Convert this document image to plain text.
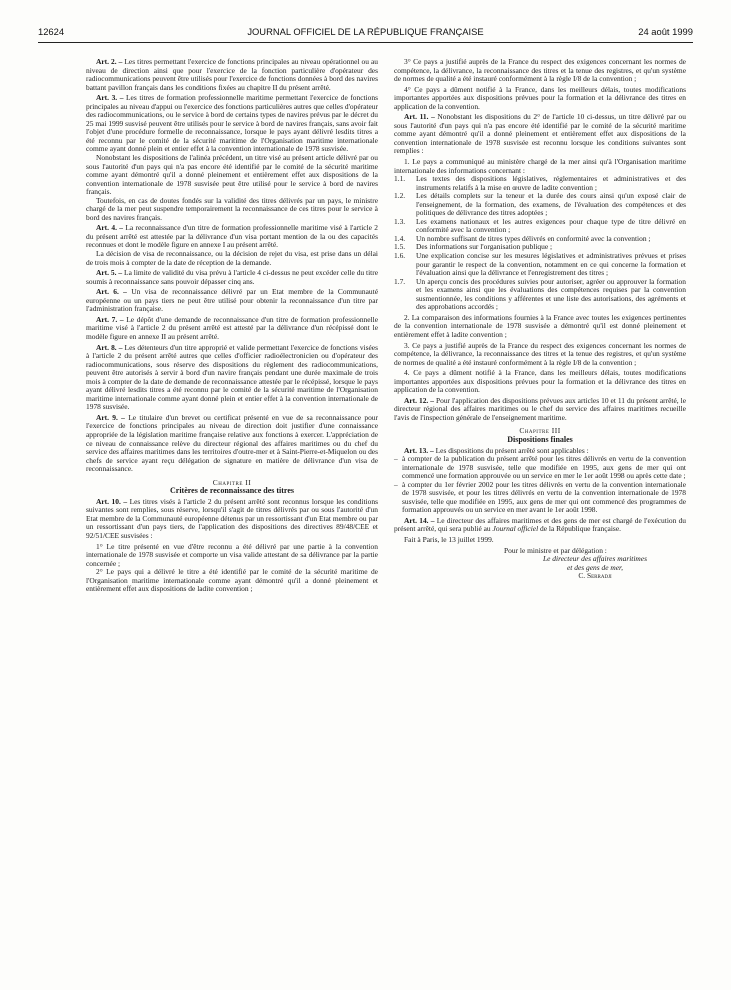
12624	JOURNAL OFFICIEL DE LA RÉPUBLIQUE FRANÇAISE	24 août 1999

Art. 2. – Les titres permettant l'exercice de fonctions principales au niveau opérationnel ou au niveau de direction ainsi que pour l'exercice de la fonction particulière d'opérateur des radiocommunications peuvent être utilisés pour l'exercice de fonctions données à bord des navires battant pavillon français dans les conditions fixées au chapitre II du présent arrêté.

Art. 3. – Les titres de formation professionnelle maritime permettant l'exercice de fonctions principales au niveau d'appui ou l'exercice des fonctions particulières autres que celles d'opérateur des radiocommunications, ou le service à bord de certains types de navires prévus par le décret du 25 mai 1999 susvisé peuvent être utilisés pour le service à bord de navires français, sans avoir fait l'objet d'une procédure formelle de reconnaissance, lorsque le pays ayant délivré lesdits titres a été reconnu par le comité de la sécurité maritime de l'Organisation maritime internationale comme ayant donné plein et entier effet à la convention internationale de 1978 susvisée.

Nonobstant les dispositions de l'alinéa précédent, un titre visé au présent article délivré par ou sous l'autorité d'un pays qui n'a pas encore été identifié par le comité de la sécurité maritime comme ayant démontré qu'il a donné pleinement et entièrement effet aux dispositions de la convention internationale de 1978 susvisée peut être utilisé pour le service à bord de navires français.

Toutefois, en cas de doutes fondés sur la validité des titres délivrés par un pays, le ministre chargé de la mer peut suspendre temporairement la reconnaissance de ces titres pour le service à bord des navires français.

Art. 4. – La reconnaissance d'un titre de formation professionnelle maritime visé à l'article 2 du présent arrêté est attestée par la délivrance d'un visa portant mention de la ou des capacités reconnues et dont le modèle figure en annexe I au présent arrêté.

La décision de visa de reconnaissance, ou la décision de rejet du visa, est prise dans un délai de trois mois à compter de la date de réception de la demande.

Art. 5. – La limite de validité du visa prévu à l'article 4 ci-dessus ne peut excéder celle du titre soumis à reconnaissance sans pouvoir dépasser cinq ans.

Art. 6. – Un visa de reconnaissance délivré par un Etat membre de la Communauté européenne ou un pays tiers ne peut être utilisé pour obtenir la reconnaissance d'un titre par l'administration française.

Art. 7. – Le dépôt d'une demande de reconnaissance d'un titre de formation professionnelle maritime visé à l'article 2 du présent arrêté est attesté par la délivrance d'un récépissé dont le modèle figure en annexe II au présent arrêté.

Art. 8. – Les détenteurs d'un titre approprié et valide permettant l'exercice de fonctions visées à l'article 2 du présent arrêté autres que celles d'officier radioélectronicien ou d'opérateur des radiocommunications, sous réserve des dispositions du règlement des radiocommunications, peuvent être autorisés à servir à bord d'un navire français pendant une durée maximale de trois mois à compter de la date de demande de reconnaissance attestée par le récépissé, lorsque le pays ayant délivré lesdits titres a été reconnu par le comité de la sécurité maritime de l'Organisation maritime internationale comme ayant donné plein et entier effet à la convention internationale de 1978 susvisée.

Art. 9. – Le titulaire d'un brevet ou certificat présenté en vue de sa reconnaissance pour l'exercice de fonctions principales au niveau de direction doit justifier d'une connaissance appropriée de la législation maritime française relative aux fonctions à exercer. L'appréciation de ce niveau de connaissance relève du directeur régional des affaires maritimes ou du chef du service des affaires maritimes dans les territoires d'outre-mer et à Saint-Pierre-et-Miquelon ou des chefs de service ayant reçu délégation de signature en matière de délivrance d'un visa de reconnaissance.

Chapitre II

Critères de reconnaissance des titres

Art. 10. – Les titres visés à l'article 2 du présent arrêté sont reconnus lorsque les conditions suivantes sont remplies, sous réserve, lorsqu'il s'agit de titres délivrés par ou sous l'autorité d'un Etat membre de la Communauté européenne détenus par un ressortissant d'un Etat membre ou par un ressortissant d'un pays tiers, de l'application des dispositions des directives 89/48/CEE et 92/51/CEE susvisées :

1° Le titre présenté en vue d'être reconnu a été délivré par une partie à la convention internationale de 1978 susvisée et comporte un visa valide attestant de sa délivrance par la partie concernée ;

2° Le pays qui a délivré le titre a été identifié par le comité de la sécurité maritime de l'Organisation maritime internationale comme ayant démontré qu'il a donné pleinement et entièrement effet aux dispositions de ladite convention ;

3° Ce pays a justifié auprès de la France du respect des exigences concernant les normes de compétence, la délivrance, la reconnaissance des titres et la tenue des registres, et qu'un système de normes de qualité a été instauré conformément à la règle I/8 de la convention ;

4° Ce pays a dûment notifié à la France, dans les meilleurs délais, toutes modifications importantes apportées aux dispositions prévues pour la formation et la délivrance des titres en application de la convention.

Art. 11. – Nonobstant les dispositions du 2° de l'article 10 ci-dessus, un titre délivré par ou sous l'autorité d'un pays qui n'a pas encore été identifié par le comité de la sécurité maritime comme ayant démontré qu'il a donné pleinement et entièrement effet aux dispositions de la convention internationale de 1978 susvisée est reconnu lorsque les conditions suivantes sont remplies :

1. Le pays a communiqué au ministère chargé de la mer ainsi qu'à l'Organisation maritime internationale des informations concernant :

1.1. Les textes des dispositions législatives, réglementaires et administratives et des instruments relatifs à la mise en œuvre de ladite convention ;

1.2. Les détails complets sur la teneur et la durée des cours ainsi qu'un exposé clair de l'enseignement, de la formation, des examens, de l'évaluation des compétences et des politiques de délivrance des titres adoptées ;

1.3. Les examens nationaux et les autres exigences pour chaque type de titre délivré en conformité avec la convention ;

1.4. Un nombre suffisant de titres types délivrés en conformité avec la convention ;

1.5. Des informations sur l'organisation publique ;

1.6. Une explication concise sur les mesures législatives et administratives prévues et prises pour garantir le respect de la convention, notamment en ce qui concerne la formation et l'évaluation ainsi que la délivrance et l'enregistrement des titres ;

1.7. Un aperçu concis des procédures suivies pour autoriser, agréer ou approuver la formation et les examens ainsi que les évaluations des compétences requises par la convention susmentionnée, les conditions y afférentes et une liste des autorisations, des agréments et des approbations accordés ;

2. La comparaison des informations fournies à la France avec toutes les exigences pertinentes de la convention internationale de 1978 susvisée a démontré qu'il est donné pleinement et entièrement effet à ladite convention ;

3. Ce pays a justifié auprès de la France du respect des exigences concernant les normes de compétence, la délivrance, la reconnaissance des titres et la tenue des registres, et qu'un système de normes de qualité a été instauré conformément à la règle I/8 de la convention ;

4. Ce pays a dûment notifié à la France, dans les meilleurs délais, toutes modifications importantes apportées aux dispositions prévues pour la formation et la délivrance des titres en application de la convention.

Art. 12. – Pour l'application des dispositions prévues aux articles 10 et 11 du présent arrêté, le directeur régional des affaires maritimes ou le chef du service des affaires maritimes recueille l'avis de l'inspection générale de l'enseignement maritime.

Chapitre III

Dispositions finales

Art. 13. – Les dispositions du présent arrêté sont applicables :

– à compter de la publication du présent arrêté pour les titres délivrés en vertu de la convention internationale de 1978 susvisée, telle que modifiée en 1995, aux gens de mer qui ont commencé une formation approuvée ou un service en mer le 1er août 1998 ou après cette date ;

– à compter du 1er février 2002 pour les titres délivrés en vertu de la convention internationale de 1978 susvisée, et pour les titres délivrés en vertu de la convention internationale de 1978 susvisée, telle que modifiée en 1995, aux gens de mer qui ont commencé des programmes de formation approuvés ou un service en mer avant le 1er août 1998.

Art. 14. – Le directeur des affaires maritimes et des gens de mer est chargé de l'exécution du présent arrêté, qui sera publié au Journal officiel de la République française.

Fait à Paris, le 13 juillet 1999.

Pour le ministre et par délégation :

Le directeur des affaires maritimes

et des gens de mer,

C. Serradji
